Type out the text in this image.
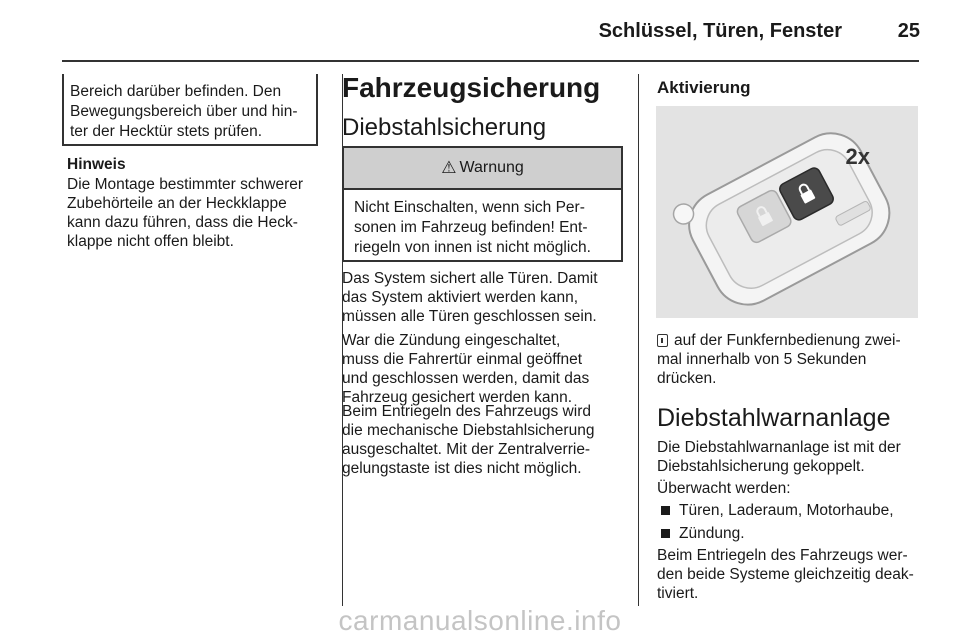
Schlüssel, Türen, Fenster	25
Bereich darüber befinden. Den
Bewegungsbereich über und hin-
ter der Hecktür stets prüfen.
Hinweis
Die Montage bestimmter schwerer
Zubehörteile an der Heckklappe
kann dazu führen, dass die Heck-
klappe nicht offen bleibt.
Fahrzeugsicherung
Diebstahlsicherung
⚠ Warnung
Nicht Einschalten, wenn sich Per-
sonen im Fahrzeug befinden! Ent-
riegeln von innen ist nicht möglich.
Das System sichert alle Türen. Damit
das System aktiviert werden kann,
müssen alle Türen geschlossen sein.
War die Zündung eingeschaltet,
muss die Fahrertür einmal geöffnet
und geschlossen werden, damit das
Fahrzeug gesichert werden kann.
Beim Entriegeln des Fahrzeugs wird
die mechanische Diebstahlsicherung
ausgeschaltet. Mit der Zentralverrie-
gelungstaste ist dies nicht möglich.
Aktivierung
2x
auf der Funkfernbedienung zwei-
mal innerhalb von 5 Sekunden
drücken.
Diebstahlwarnanlage
Die Diebstahlwarnanlage ist mit der
Diebstahlsicherung gekoppelt.
Überwacht werden:
Türen, Laderaum, Motorhaube,
Zündung.
Beim Entriegeln des Fahrzeugs wer-
den beide Systeme gleichzeitig deak-
tiviert.
carmanualsonline.info
